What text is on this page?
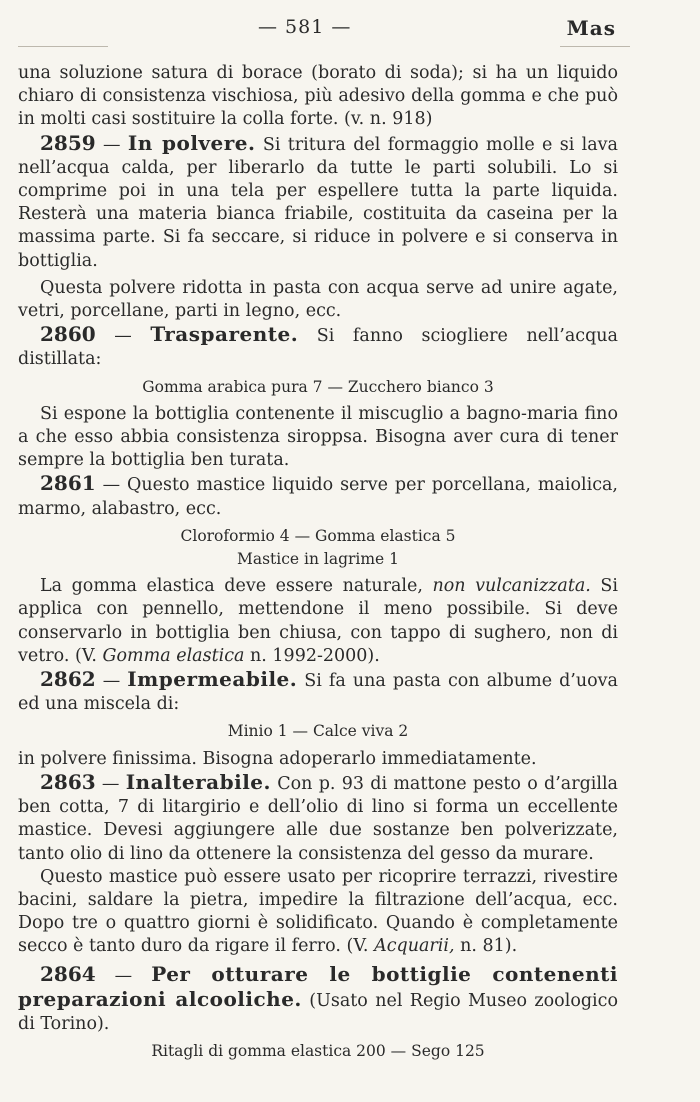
— 581 —	Mas

una soluzione satura di borace (borato di soda); si ha un liquido chiaro di consistenza vischiosa, più adesivo della gomma e che può in molti casi sostituire la colla forte. (v. n. 918)

2859 — In polvere. Si tritura del formaggio molle e si lava nell’acqua calda, per liberarlo da tutte le parti solubili. Lo si comprime poi in una tela per espellere tutta la parte liquida. Resterà una materia bianca friabile, costituita da caseina per la massima parte. Si fa seccare, si riduce in polvere e si conserva in bottiglia.

Questa polvere ridotta in pasta con acqua serve ad unire agate, vetri, porcellane, parti in legno, ecc.

2860 — Trasparente. Si fanno sciogliere nell’acqua distillata:

Gomma arabica pura 7 — Zucchero bianco 3

Si espone la bottiglia contenente il miscuglio a bagno-maria fino a che esso abbia consistenza siroppsa. Bisogna aver cura di tener sempre la bottiglia ben turata.

2861 — Questo mastice liquido serve per porcellana, maiolica, marmo, alabastro, ecc.

Cloroformio 4 — Gomma elastica 5
Mastice in lagrime 1

La gomma elastica deve essere naturale, non vulcanizzata. Si applica con pennello, mettendone il meno possibile. Si deve conservarlo in bottiglia ben chiusa, con tappo di sughero, non di vetro. (V. Gomma elastica n. 1992-2000).

2862 — Impermeabile. Si fa una pasta con albume d’uova ed una miscela di:

Minio 1 — Calce viva 2

in polvere finissima. Bisogna adoperarlo immediatamente.

2863 — Inalterabile. Con p. 93 di mattone pesto o d’argilla ben cotta, 7 di litargirio e dell’olio di lino si forma un eccellente mastice. Devesi aggiungere alle due sostanze ben polverizzate, tanto olio di lino da ottenere la consistenza del gesso da murare.

Questo mastice può essere usato per ricoprire terrazzi, rivestire bacini, saldare la pietra, impedire la filtrazione dell’acqua, ecc. Dopo tre o quattro giorni è solidificato. Quando è completamente secco è tanto duro da rigare il ferro. (V. Acquarii, n. 81).

2864 — Per otturare le bottiglie contenenti preparazioni alcooliche. (Usato nel Regio Museo zoologico di Torino).

Ritagli di gomma elastica 200 — Sego 125
